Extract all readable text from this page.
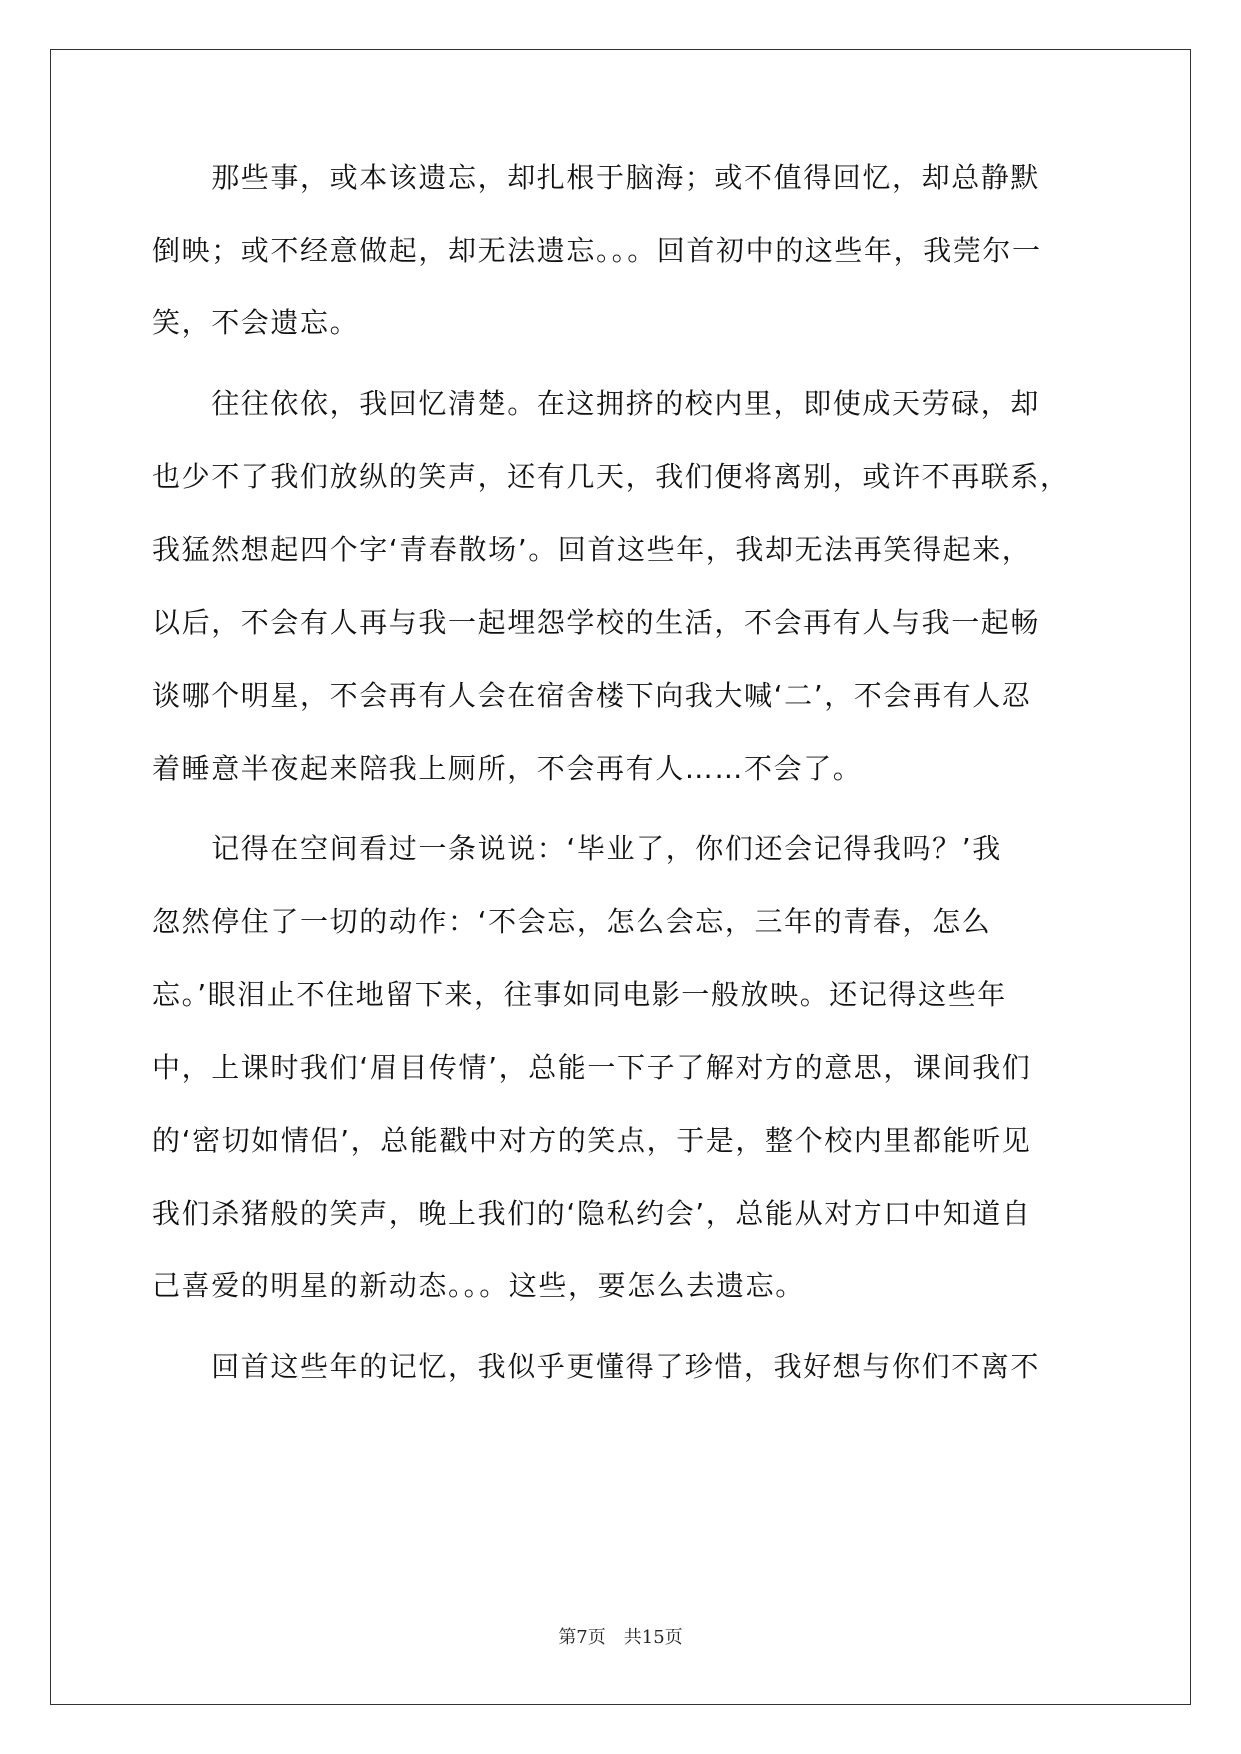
　　那些事，或本该遗忘，却扎根于脑海；或不值得回忆，却总静默
倒映；或不经意做起，却无法遗忘。。。回首初中的这些年，我莞尔一
笑，不会遗忘。
　　往往依依，我回忆清楚。在这拥挤的校内里，即使成天劳碌，却
也少不了我们放纵的笑声，还有几天，我们便将离别，或许不再联系，
我猛然想起四个字‘青春散场’。回首这些年，我却无法再笑得起来，
以后，不会有人再与我一起埋怨学校的生活，不会再有人与我一起畅
谈哪个明星，不会再有人会在宿舍楼下向我大喊‘二’，不会再有人忍
着睡意半夜起来陪我上厕所，不会再有人……不会了。
　　记得在空间看过一条说说：‘毕业了，你们还会记得我吗？’我
忽然停住了一切的动作：‘不会忘，怎么会忘，三年的青春，怎么
忘。’眼泪止不住地留下来，往事如同电影一般放映。还记得这些年
中，上课时我们‘眉目传情’，总能一下子了解对方的意思，课间我们
的‘密切如情侣’，总能戳中对方的笑点，于是，整个校内里都能听见
我们杀猪般的笑声，晚上我们的‘隐私约会’，总能从对方口中知道自
己喜爱的明星的新动态。。。这些，要怎么去遗忘。
　　回首这些年的记忆，我似乎更懂得了珍惜，我好想与你们不离不
第7页　共15页
